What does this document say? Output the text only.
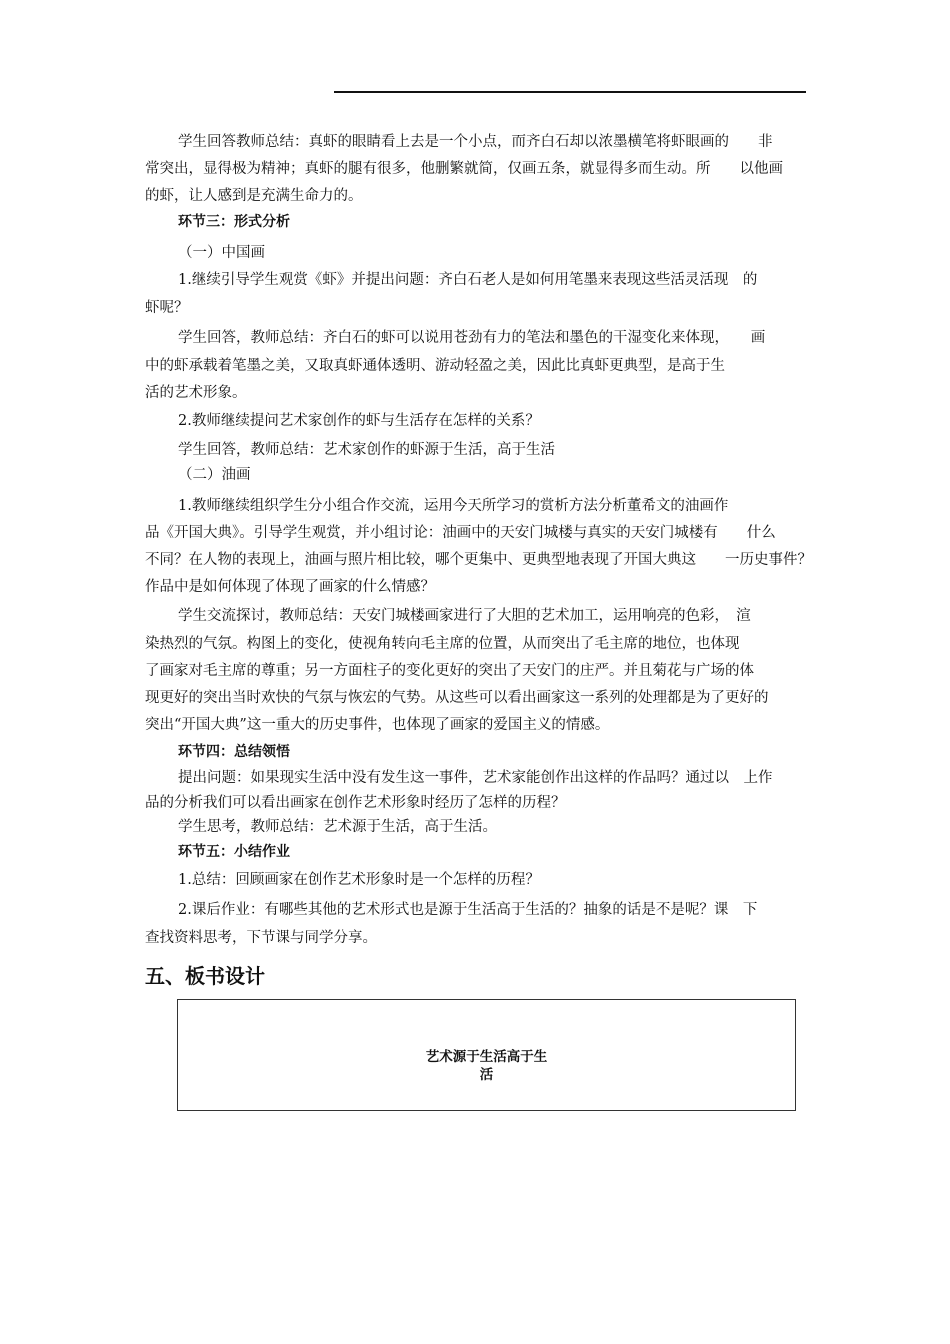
学生回答教师总结：真虾的眼睛看上去是一个小点，而齐白石却以浓墨横笔将虾眼画的　　非
常突出，显得极为精神；真虾的腿有很多，他删繁就简，仅画五条，就显得多而生动。所　　以他画
的虾，让人感到是充满生命力的。
环节三：形式分析
（一）中国画
1.继续引导学生观赏《虾》并提出问题：齐白石老人是如何用笔墨来表现这些活灵活现　的
虾呢？
学生回答，教师总结：齐白石的虾可以说用苍劲有力的笔法和墨色的干湿变化来体现，　　画
中的虾承载着笔墨之美，又取真虾通体透明、游动轻盈之美，因此比真虾更典型，是高于生
活的艺术形象。
2.教师继续提问艺术家创作的虾与生活存在怎样的关系？
学生回答，教师总结：艺术家创作的虾源于生活，高于生活
（二）油画
1.教师继续组织学生分小组合作交流，运用今天所学习的赏析方法分析董希文的油画作
品《开国大典》。引导学生观赏，并小组讨论：油画中的天安门城楼与真实的天安门城楼有　　什么
不同？在人物的表现上，油画与照片相比较，哪个更集中、更典型地表现了开国大典这　　一历史事件？
作品中是如何体现了体现了画家的什么情感？
学生交流探讨，教师总结：天安门城楼画家进行了大胆的艺术加工，运用响亮的色彩，　渲
染热烈的气氛。构图上的变化，使视角转向毛主席的位置，从而突出了毛主席的地位，也体现
了画家对毛主席的尊重；另一方面柱子的变化更好的突出了天安门的庄严。并且菊花与广场的体
现更好的突出当时欢快的气氛与恢宏的气势。从这些可以看出画家这一系列的处理都是为了更好的
突出“开国大典”这一重大的历史事件，也体现了画家的爱国主义的情感。
环节四：总结领悟
提出问题：如果现实生活中没有发生这一事件，艺术家能创作出这样的作品吗？通过以　上作
品的分析我们可以看出画家在创作艺术形象时经历了怎样的历程？
学生思考，教师总结：艺术源于生活，高于生活。
环节五：小结作业
1.总结：回顾画家在创作艺术形象时是一个怎样的历程？
2.课后作业：有哪些其他的艺术形式也是源于生活高于生活的？抽象的话是不是呢？课　下
查找资料思考，下节课与同学分享。
五、板书设计
艺术源于生活高于生
活
